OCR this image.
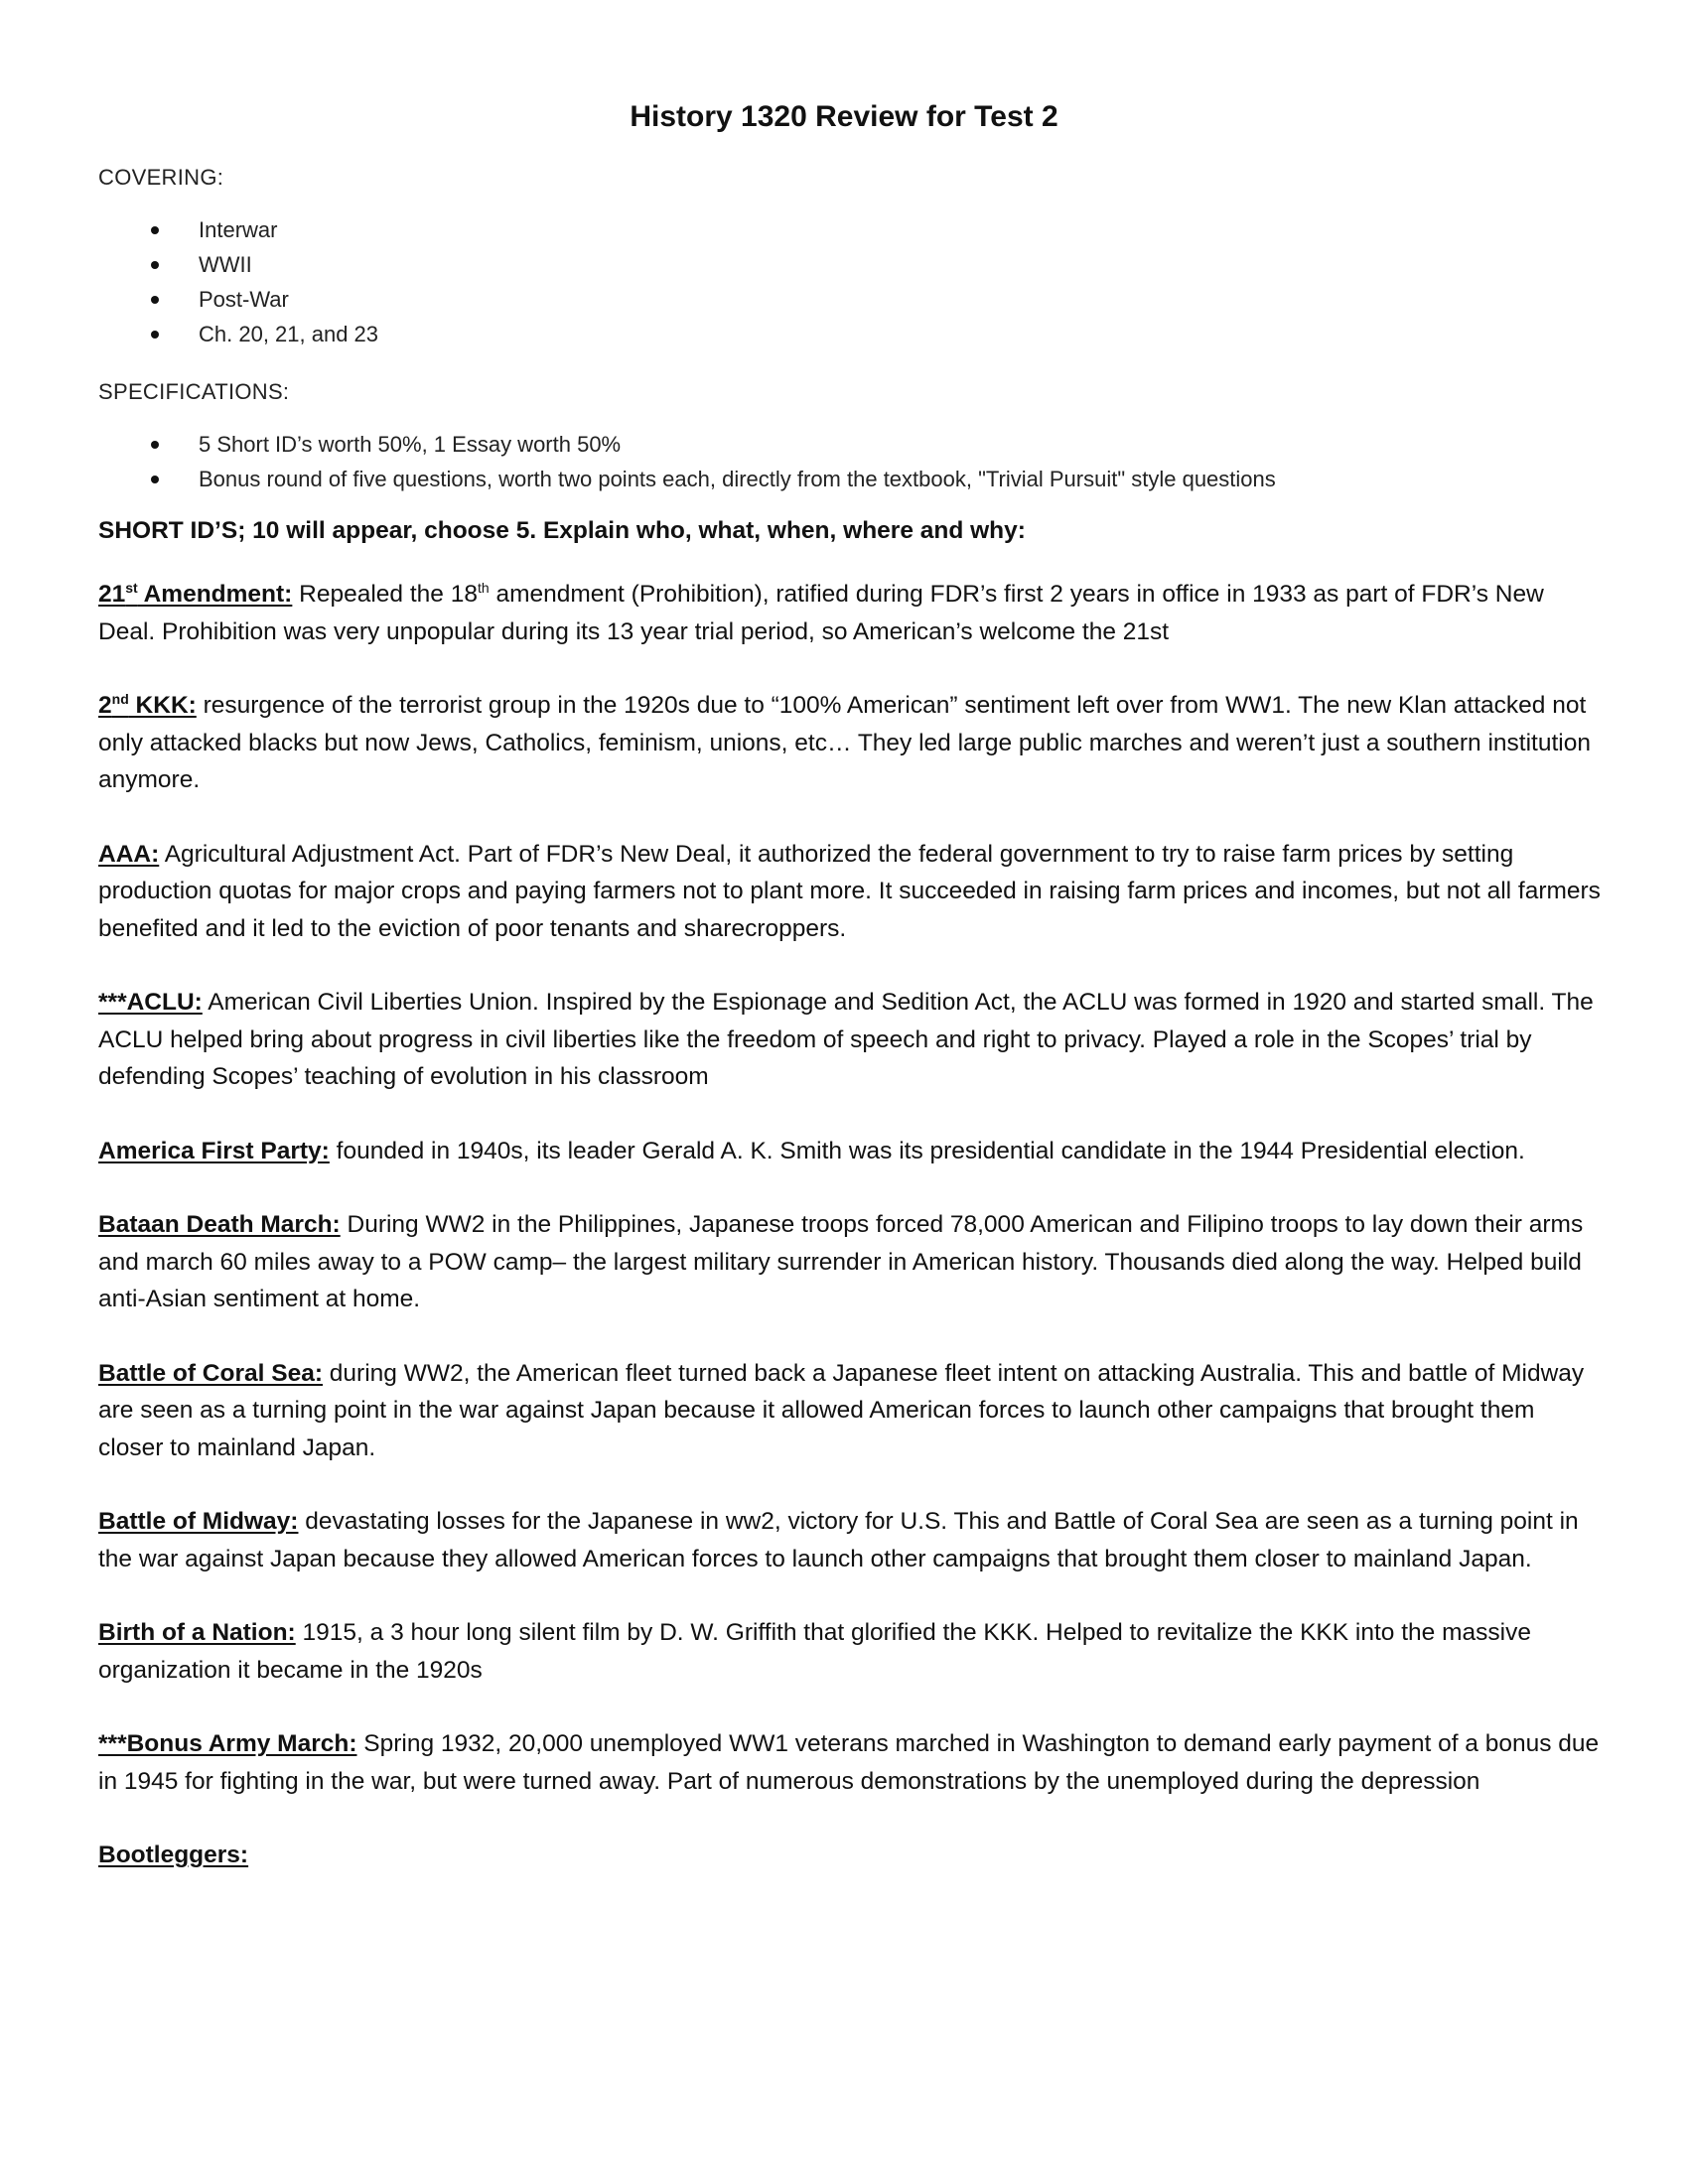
History 1320 Review for Test 2
COVERING:
Interwar
WWII
Post-War
Ch. 20, 21, and 23
SPECIFICATIONS:
5 Short ID’s worth 50%, 1 Essay worth 50%
Bonus round of five questions, worth two points each, directly from the textbook, "Trivial Pursuit" style questions

SHORT ID’S; 10 will appear, choose 5. Explain who, what, when, where and why:

21st Amendment: Repealed the 18th amendment (Prohibition), ratified during FDR’s first 2 years in office in 1933 as part of FDR’s New Deal. Prohibition was very unpopular during its 13 year trial period, so American’s welcome the 21st

2nd KKK: resurgence of the terrorist group in the 1920s due to “100% American” sentiment left over from WW1. The new Klan attacked not only attacked blacks but now Jews, Catholics, feminism, unions, etc… They led large public marches and weren’t just a southern institution anymore.

AAA: Agricultural Adjustment Act. Part of FDR’s New Deal, it authorized the federal government to try to raise farm prices by setting production quotas for major crops and paying farmers not to plant more. It succeeded in raising farm prices and incomes, but not all farmers benefited and it led to the eviction of poor tenants and sharecroppers.

***ACLU: American Civil Liberties Union. Inspired by the Espionage and Sedition Act, the ACLU was formed in 1920 and started small. The ACLU helped bring about progress in civil liberties like the freedom of speech and right to privacy. Played a role in the Scopes’ trial by defending Scopes’ teaching of evolution in his classroom

America First Party: founded in 1940s, its leader Gerald A. K. Smith was its presidential candidate in the 1944 Presidential election.

Bataan Death March: During WW2 in the Philippines, Japanese troops forced 78,000 American and Filipino troops to lay down their arms and march 60 miles away to a POW camp– the largest military surrender in American history. Thousands died along the way. Helped build anti-Asian sentiment at home.

Battle of Coral Sea: during WW2, the American fleet turned back a Japanese fleet intent on attacking Australia. This and battle of Midway are seen as a turning point in the war against Japan because it allowed American forces to launch other campaigns that brought them closer to mainland Japan.

Battle of Midway: devastating losses for the Japanese in ww2, victory for U.S. This and Battle of Coral Sea are seen as a turning point in the war against Japan because they allowed American forces to launch other campaigns that brought them closer to mainland Japan.

Birth of a Nation: 1915, a 3 hour long silent film by D. W. Griffith that glorified the KKK. Helped to revitalize the KKK into the massive organization it became in the 1920s

***Bonus Army March: Spring 1932, 20,000 unemployed WW1 veterans marched in Washington to demand early payment of a bonus due in 1945 for fighting in the war, but were turned away. Part of numerous demonstrations by the unemployed during the depression

Bootleggers:
